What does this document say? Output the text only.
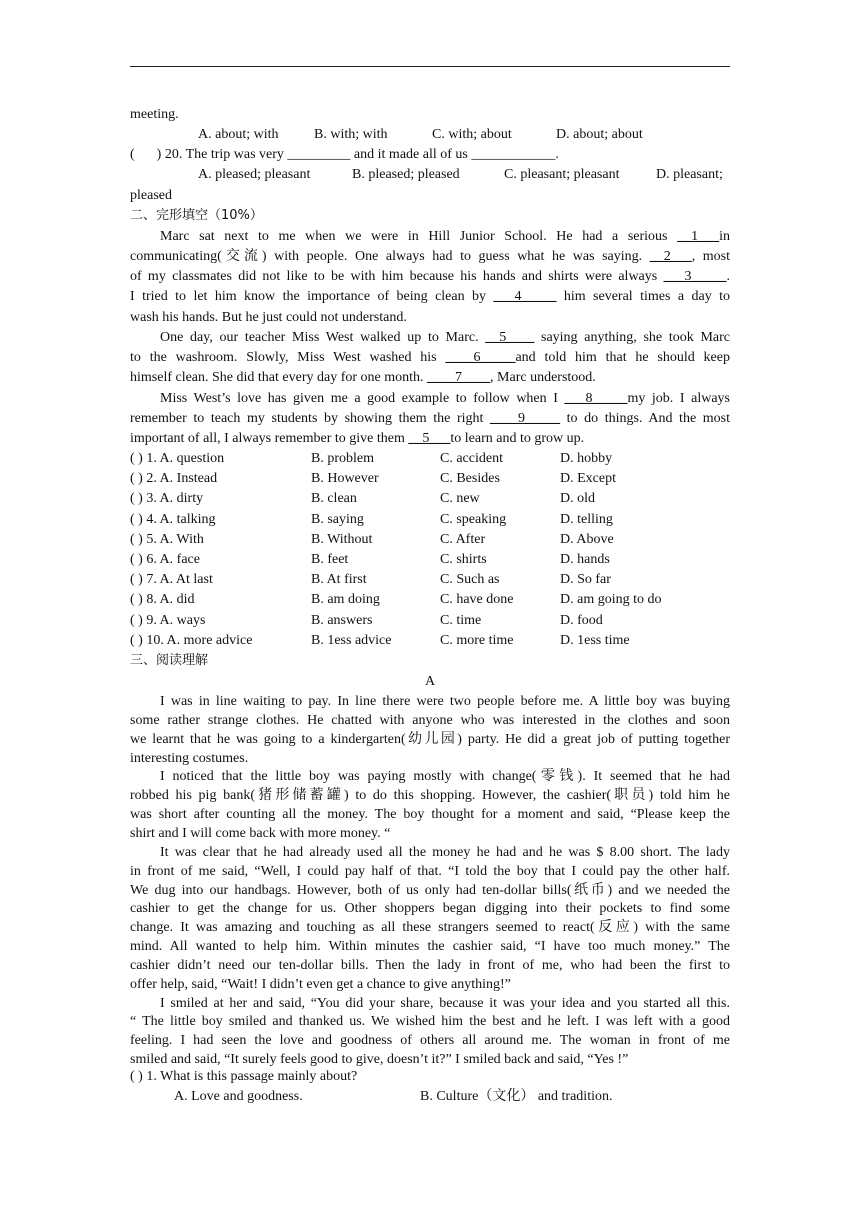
meeting.
A. about; with	B. with; with	C. with; about	D. about; about
( ) 20. The trip was very _________ and it made all of us ____________.
A. pleased; pleasant	B. pleased; pleased	C. pleasant; pleasant	D. pleasant;
pleased
二、完形填空（10%）
Marc sat next to me when we were in Hill Junior School. He had a serious __1___in
communicating(交流) with people. One always had to guess what he was saying. __2___, most
of my classmates did not like to be with him because his hands and shirts were always ___3_____.
I tried to let him know the importance of being clean by ___4_____ him several times a day to
wash his hands. But he just could not understand.
One day, our teacher Miss West walked up to Marc. __5____ saying anything, she took Marc
to the washroom. Slowly, Miss West washed his ____6_____and told him that he should keep
himself clean. She did that every day for one month. ____7____, Marc understood.
Miss West’s love has given me a good example to follow when I ___8_____my job. I always
remember to teach my students by showing them the right ____9_____ to do things. And the most
important of all, I always remember to give them __5___to learn and to grow up.
( ) 1. A. question	B. problem	C. accident	D. hobby
( ) 2. A. Instead	B. However	C. Besides	D. Except
( ) 3. A. dirty	B. clean	C. new	D. old
( ) 4. A. talking	B. saying	C. speaking	D. telling
( ) 5. A. With	B. Without	C. After	D. Above
( ) 6. A. face	B. feet	C. shirts	D. hands
( ) 7. A. At last	B. At first	C. Such as	D. So far
( ) 8. A. did	B. am doing	C. have done	D. am going to do
( ) 9. A. ways	B. answers	C. time	D. food
( ) 10. A. more advice	B. 1ess advice	C. more time	D. 1ess time
三、阅读理解
A
I was in line waiting to pay. In line there were two people before me. A little boy was buying
some rather strange clothes. He chatted with anyone who was interested in the clothes and soon
we learnt that he was going to a kindergarten(幼儿园) party. He did a great job of putting together
interesting costumes.
I noticed that the little boy was paying mostly with change(零钱). It seemed that he had
robbed his pig bank(猪形储蓄罐) to do this shopping. However, the cashier(职员) told him he
was short after counting all the money. The boy thought for a moment and said, “Please keep the
shirt and I will come back with more money. “
It was clear that he had already used all the money he had and he was $ 8.00 short. The lady
in front of me said, “Well, I could pay half of that. “I told the boy that I could pay the other half.
We dug into our handbags. However, both of us only had ten-dollar bills(纸币) and we needed the
cashier to get the change for us. Other shoppers began digging into their pockets to find some
change. It was amazing and touching as all these strangers seemed to react(反应) with the same
mind. All wanted to help him. Within minutes the cashier said, “I have too much money.” The
cashier didn’t need our ten-dollar bills. Then the lady in front of me, who had been the first to
offer help, said, “Wait! I didn’t even get a chance to give anything!”
I smiled at her and said, “You did your share, because it was your idea and you started all this.
“ The little boy smiled and thanked us. We wished him the best and he left. I was left with a good
feeling. I had seen the love and goodness of others all around me. The woman in front of me
smiled and said, “It surely feels good to give, doesn’t it?” I smiled back and said, “Yes !”
( ) 1. What is this passage mainly about?
A. Love and goodness.	B. Culture（文化） and tradition.
